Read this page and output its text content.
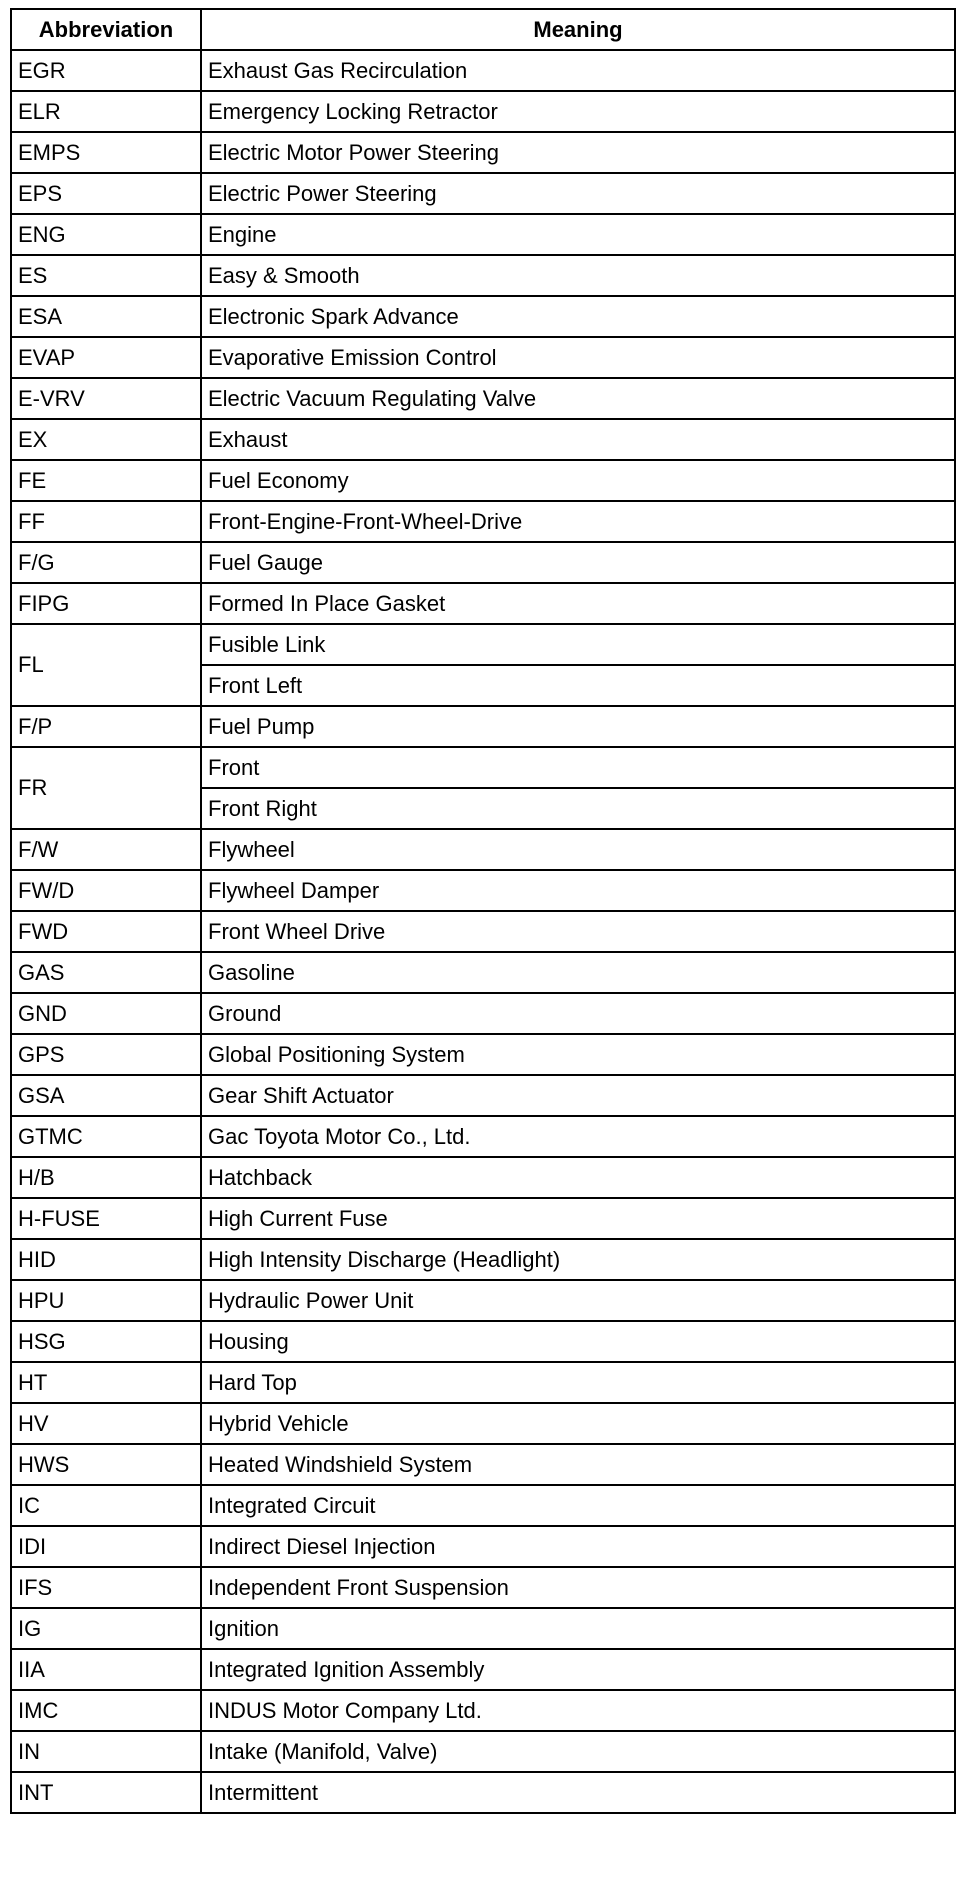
Abbreviation	Meaning
EGR	Exhaust Gas Recirculation
ELR	Emergency Locking Retractor
EMPS	Electric Motor Power Steering
EPS	Electric Power Steering
ENG	Engine
ES	Easy & Smooth
ESA	Electronic Spark Advance
EVAP	Evaporative Emission Control
E-VRV	Electric Vacuum Regulating Valve
EX	Exhaust
FE	Fuel Economy
FF	Front-Engine-Front-Wheel-Drive
F/G	Fuel Gauge
FIPG	Formed In Place Gasket
FL	Fusible Link
	Front Left
F/P	Fuel Pump
FR	Front
	Front Right
F/W	Flywheel
FW/D	Flywheel Damper
FWD	Front Wheel Drive
GAS	Gasoline
GND	Ground
GPS	Global Positioning System
GSA	Gear Shift Actuator
GTMC	Gac Toyota Motor Co., Ltd.
H/B	Hatchback
H-FUSE	High Current Fuse
HID	High Intensity Discharge (Headlight)
HPU	Hydraulic Power Unit
HSG	Housing
HT	Hard Top
HV	Hybrid Vehicle
HWS	Heated Windshield System
IC	Integrated Circuit
IDI	Indirect Diesel Injection
IFS	Independent Front Suspension
IG	Ignition
IIA	Integrated Ignition Assembly
IMC	INDUS Motor Company Ltd.
IN	Intake (Manifold, Valve)
INT	Intermittent
